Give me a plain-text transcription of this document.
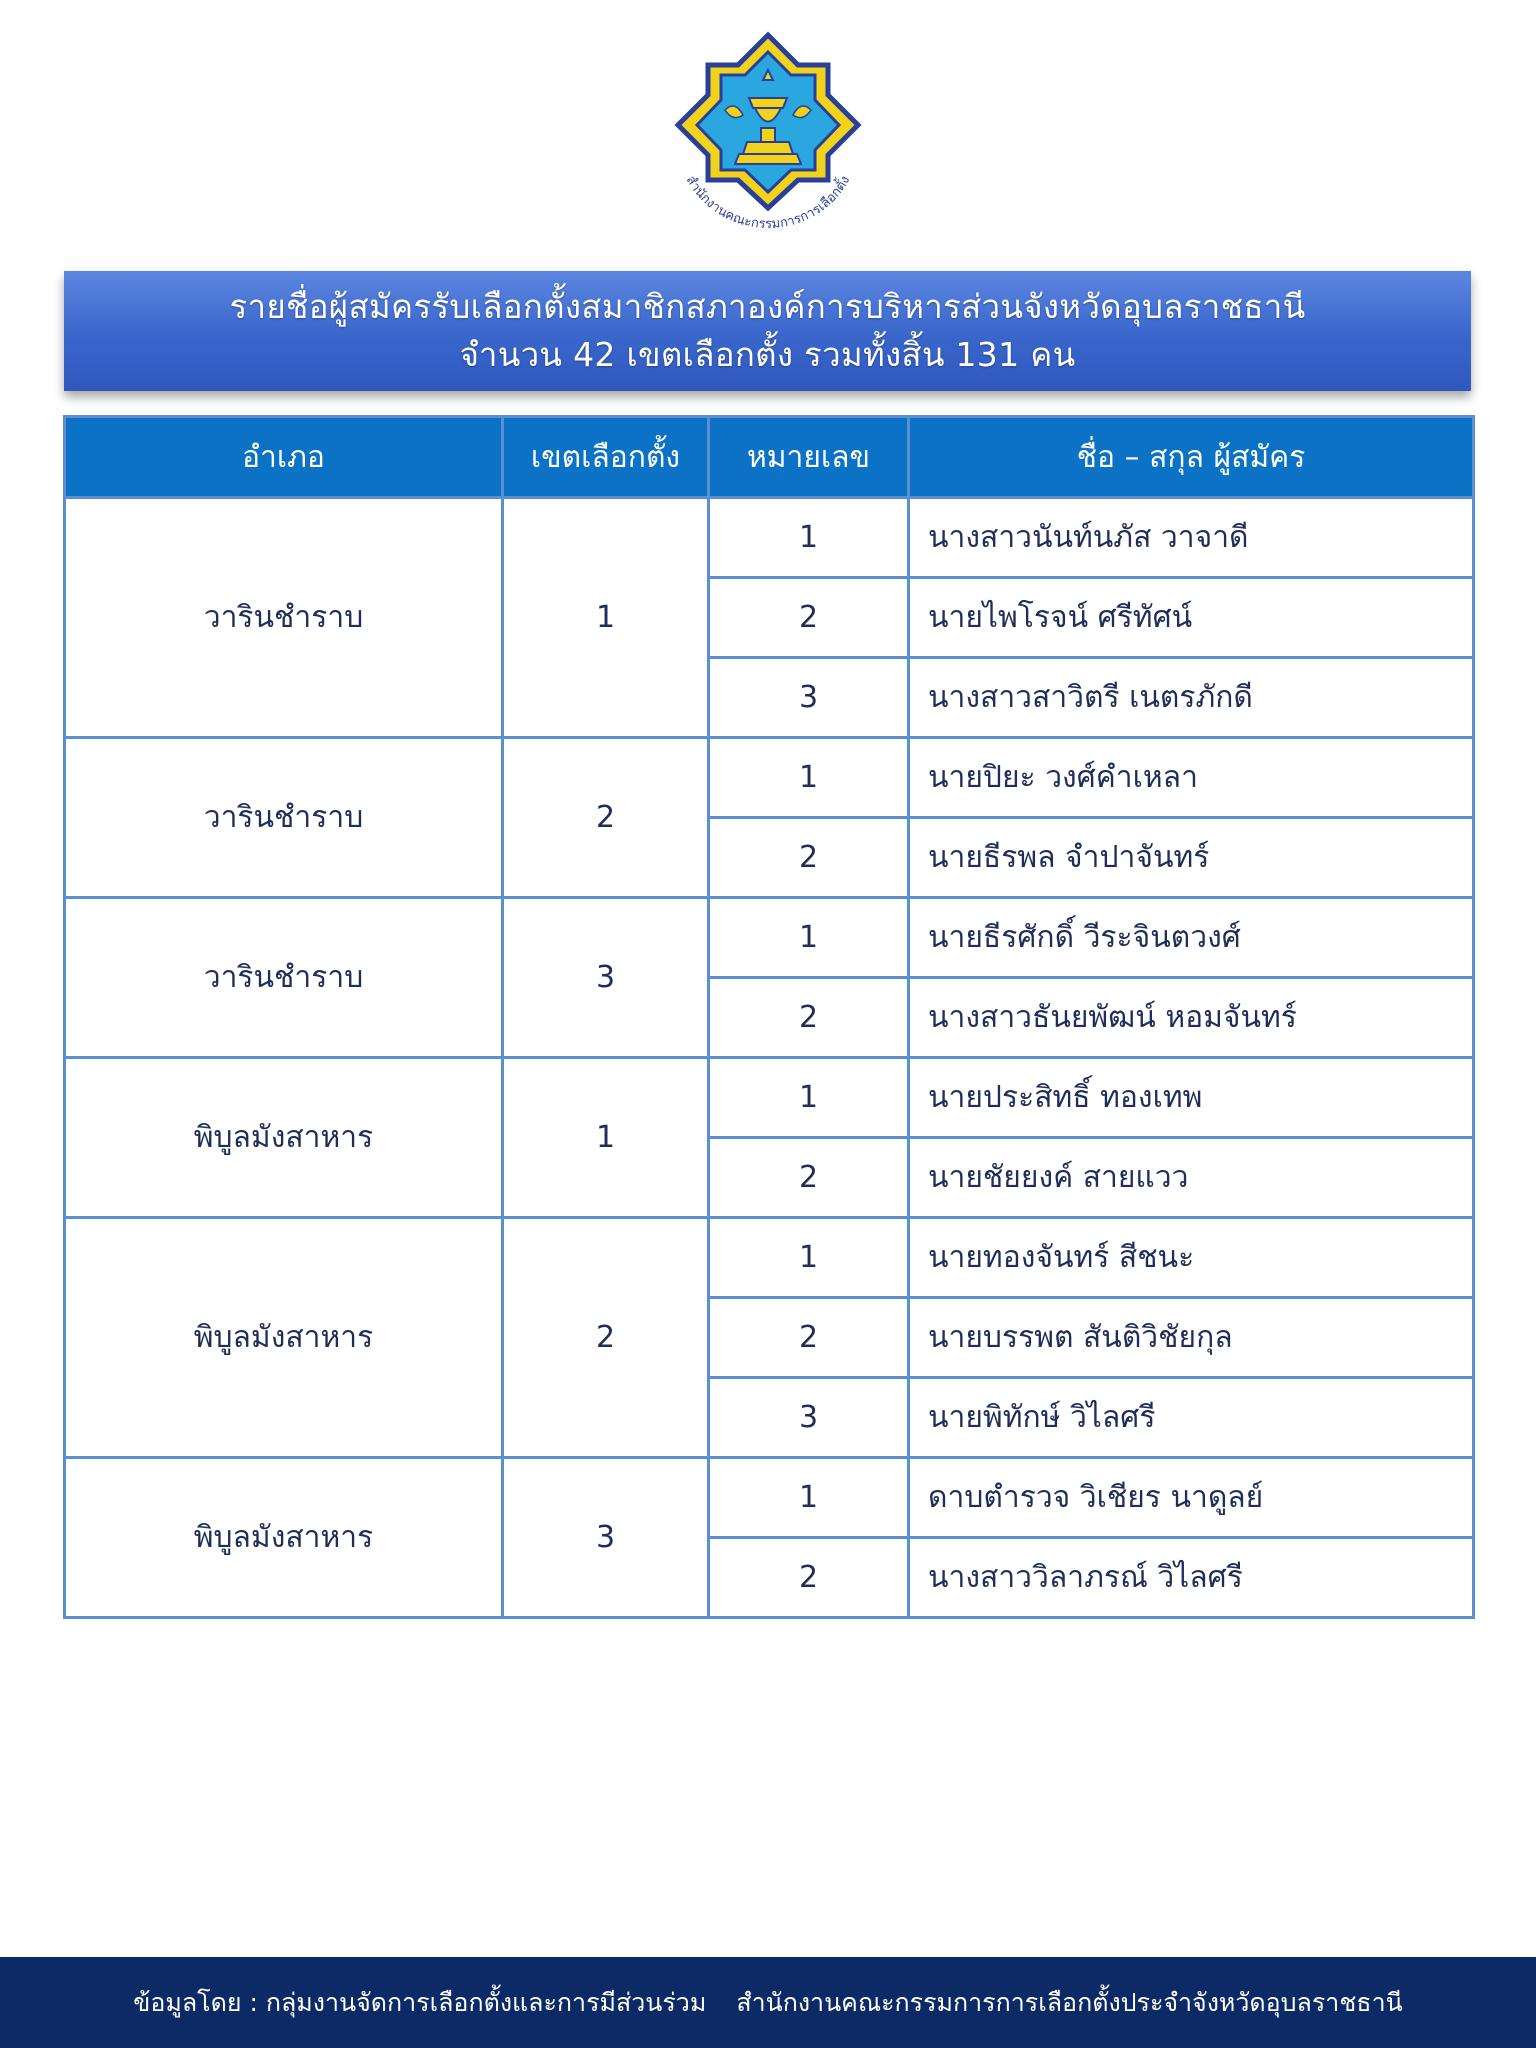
สำนักงานคณะกรรมการการเลือกตั้ง
รายชื่อผู้สมัครรับเลือกตั้งสมาชิกสภาองค์การบริหารส่วนจังหวัดอุบลราชธานี
จำนวน 42 เขตเลือกตั้ง รวมทั้งสิ้น 131 คน
อำเภอ	เขตเลือกตั้ง	หมายเลข	ชื่อ – สกุล ผู้สมัคร
วารินชำราบ	1	1	นางสาวนันท์นภัส วาจาดี
		2	นายไพโรจน์ ศรีทัศน์
		3	นางสาวสาวิตรี เนตรภักดี
วารินชำราบ	2	1	นายปิยะ วงศ์คำเหลา
		2	นายธีรพล จำปาจันทร์
วารินชำราบ	3	1	นายธีรศักดิ์ วีระจินตวงศ์
		2	นางสาวธันยพัฒน์ หอมจันทร์
พิบูลมังสาหาร	1	1	นายประสิทธิ์ ทองเทพ
		2	นายชัยยงค์ สายแวว
พิบูลมังสาหาร	2	1	นายทองจันทร์ สีชนะ
		2	นายบรรพต สันติวิชัยกุล
		3	นายพิทักษ์ วิไลศรี
พิบูลมังสาหาร	3	1	ดาบตำรวจ วิเชียร นาดูลย์
		2	นางสาววิลาภรณ์ วิไลศรี
ข้อมูลโดย : กลุ่มงานจัดการเลือกตั้งและการมีส่วนร่วม สำนักงานคณะกรรมการการเลือกตั้งประจำจังหวัดอุบลราชธานี
